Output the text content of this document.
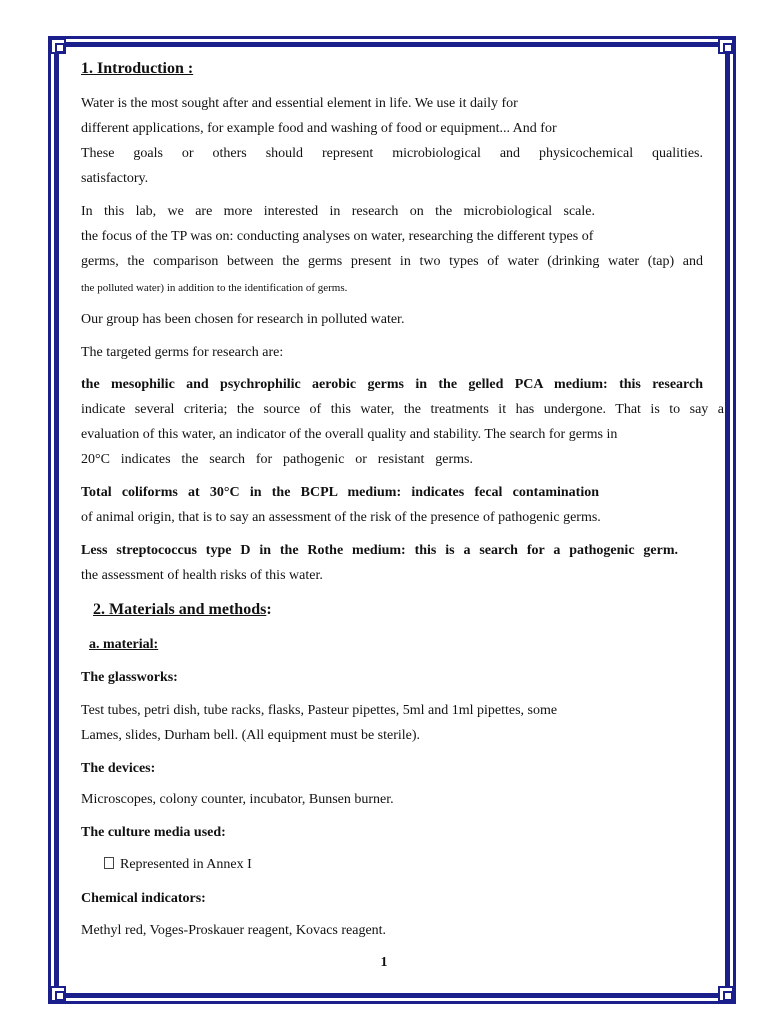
1. Introduction :
Water is the most sought after and essential element in life. We use it daily for
different applications, for example food and washing of food or equipment... And for
These goals or others should represent microbiological and physicochemical qualities.
satisfactory.
In this lab, we are more interested in research on the microbiological scale.
the focus of the TP was on: conducting analyses on water, researching the different types of
germs, the comparison between the germs present in two types of water (drinking water (tap) and
the polluted water) in addition to the identification of germs.
Our group has been chosen for research in polluted water.
The targeted germs for research are:
the mesophilic and psychrophilic aerobic germs in the gelled PCA medium: this research
indicate several criteria; the source of this water, the treatments it has undergone. That is to say a
evaluation of this water, an indicator of the overall quality and stability. The search for germs in
20°C indicates the search for pathogenic or resistant germs.
Total coliforms at 30°C in the BCPL medium: indicates fecal contamination
of animal origin, that is to say an assessment of the risk of the presence of pathogenic germs.
Less streptococcus type D in the Rothe medium: this is a search for a pathogenic germ.
the assessment of health risks of this water.
2. Materials and methods:
a. material:
The glassworks:
Test tubes, petri dish, tube racks, flasks, Pasteur pipettes, 5ml and 1ml pipettes, some
Lames, slides, Durham bell. (All equipment must be sterile).
The devices:
Microscopes, colony counter, incubator, Bunsen burner.
The culture media used:
Represented in Annex I
Chemical indicators:
Methyl red, Voges-Proskauer reagent, Kovacs reagent.
1
